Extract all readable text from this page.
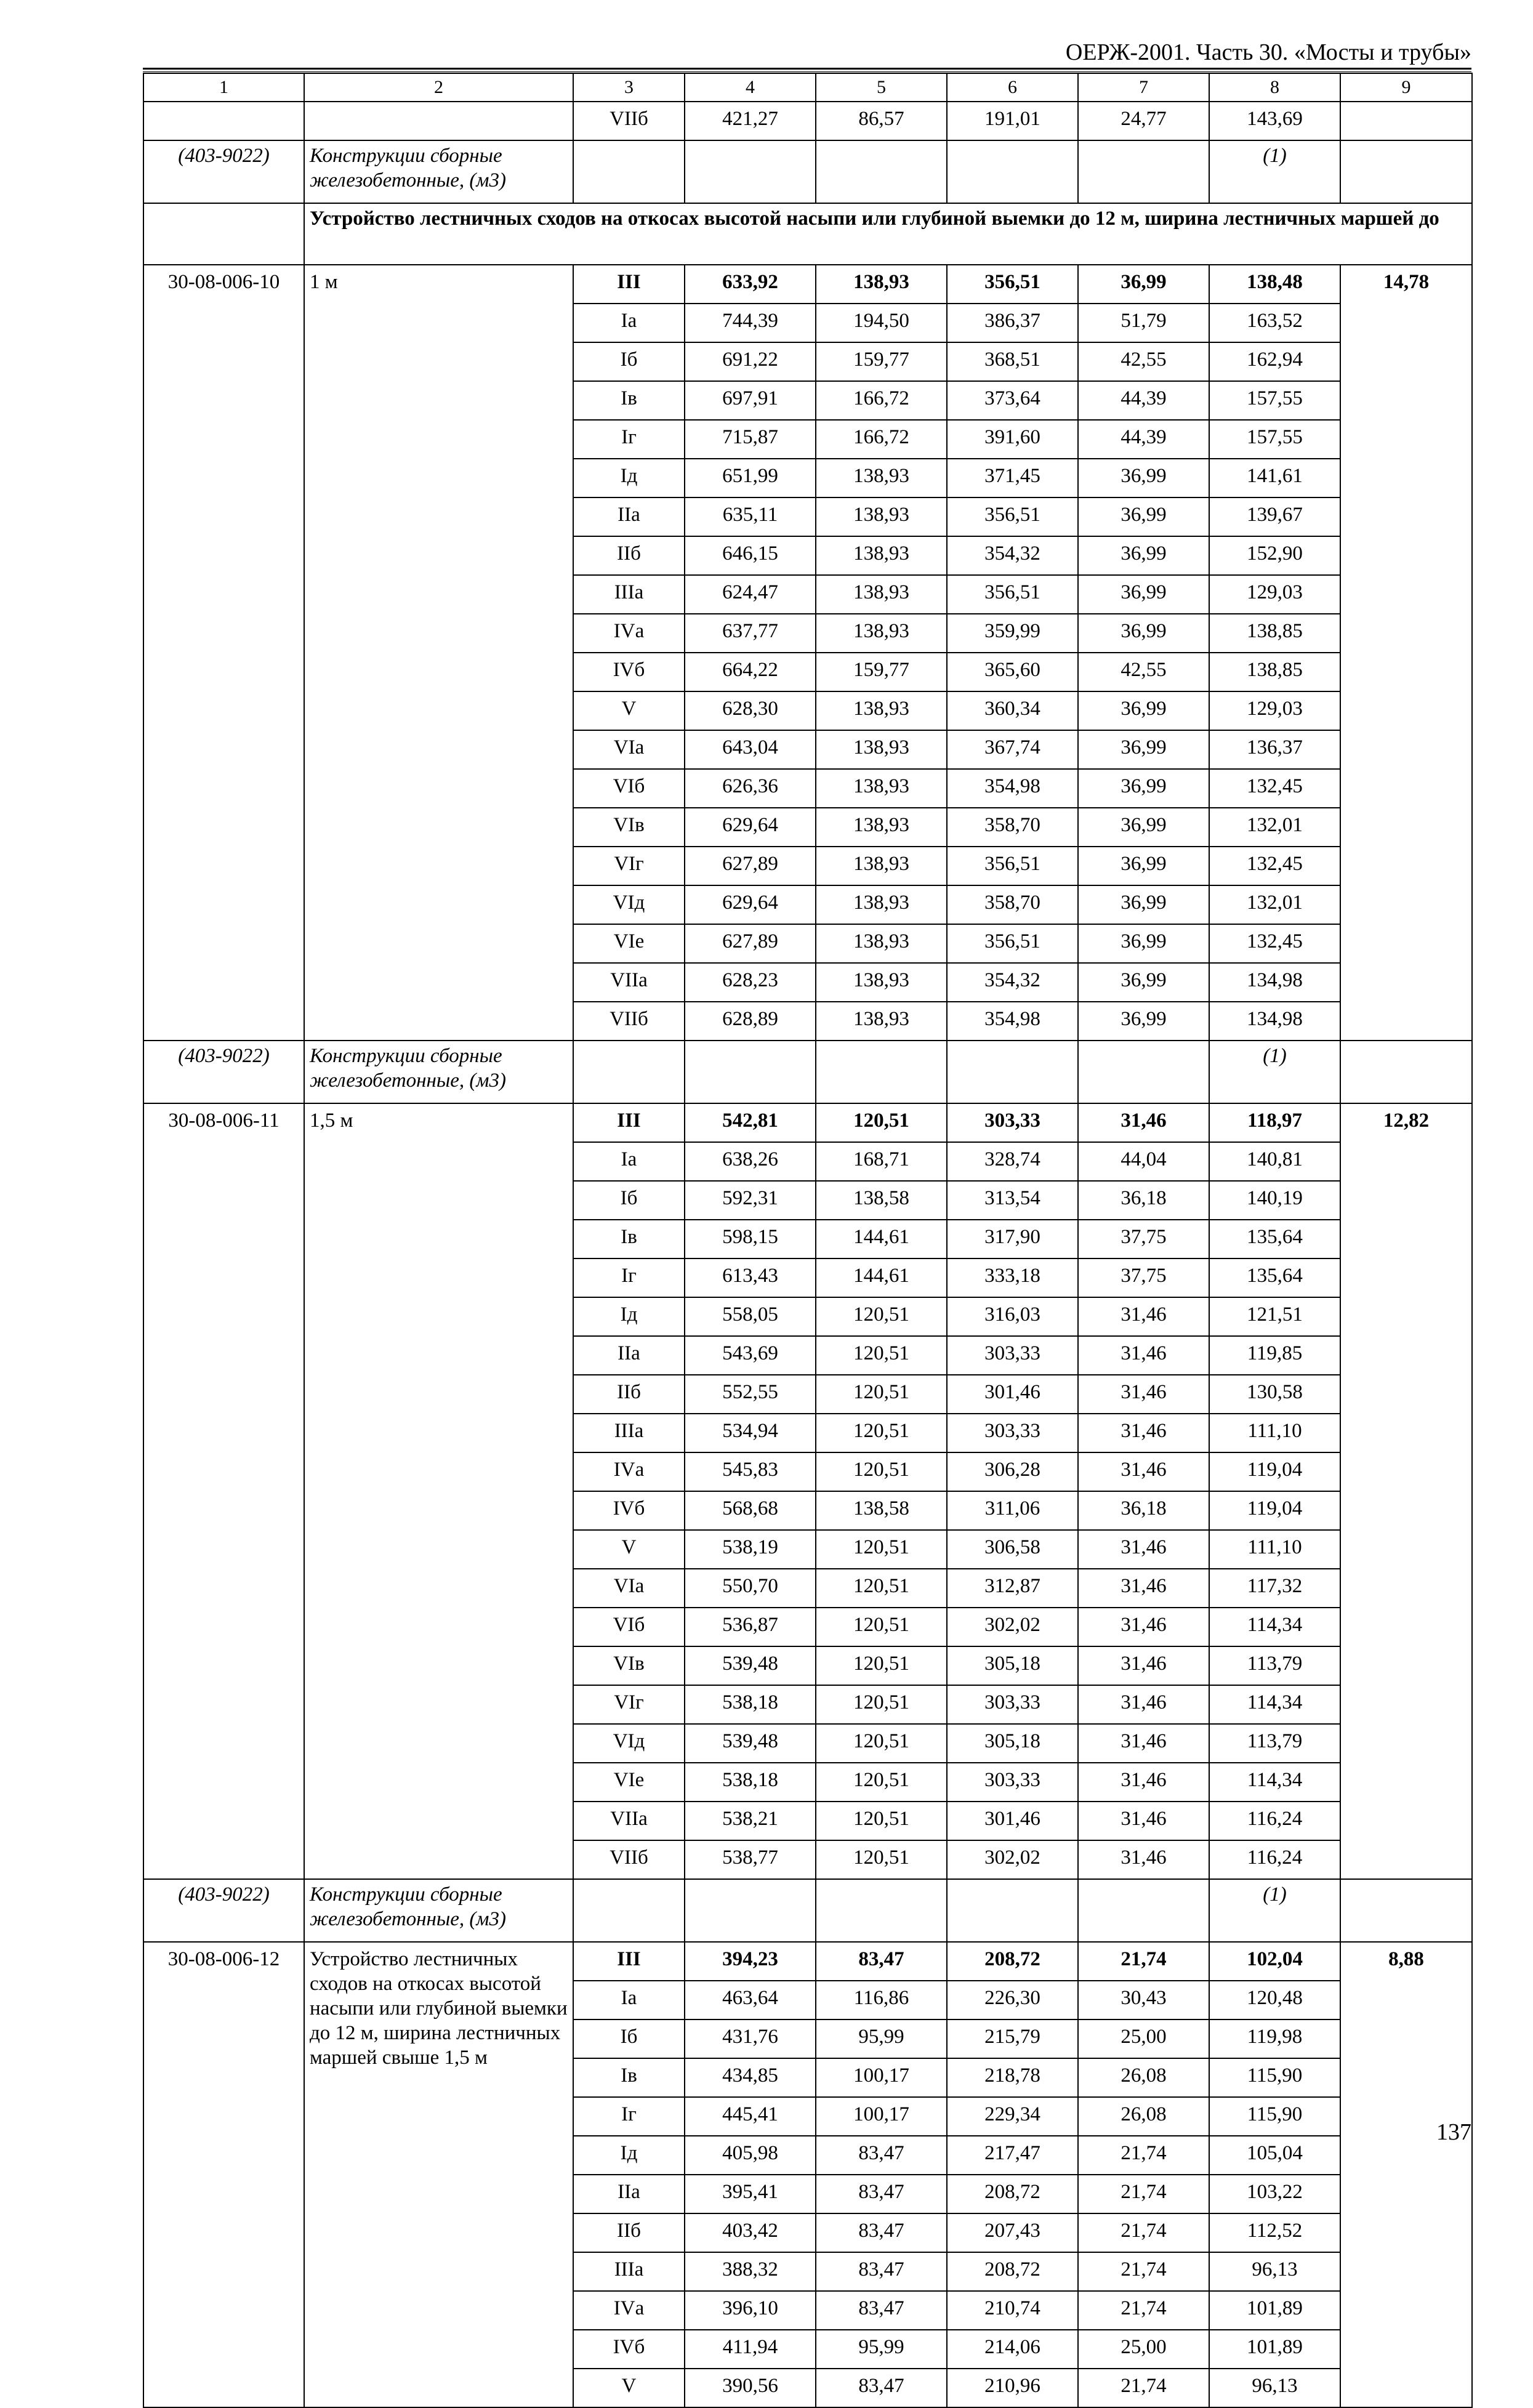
ОЕРЖ-2001. Часть 30. «Мосты и трубы»
1	2	3	4	5	6	7	8	9
		VIIб	421,27	86,57	191,01	24,77	143,69	
(403-9022)	Конструкции сборные железобетонные, (м3)						(1)	
	Устройство лестничных сходов на откосах высотой насыпи или глубиной выемки до 12 м, ширина лестничных маршей до							
30-08-006-10	1 м	III	633,92	138,93	356,51	36,99	138,48	14,78
		Iа	744,39	194,50	386,37	51,79	163,52	
		Iб	691,22	159,77	368,51	42,55	162,94	
		Iв	697,91	166,72	373,64	44,39	157,55	
		Iг	715,87	166,72	391,60	44,39	157,55	
		Iд	651,99	138,93	371,45	36,99	141,61	
		IIа	635,11	138,93	356,51	36,99	139,67	
		IIб	646,15	138,93	354,32	36,99	152,90	
		IIIа	624,47	138,93	356,51	36,99	129,03	
		IVа	637,77	138,93	359,99	36,99	138,85	
		IVб	664,22	159,77	365,60	42,55	138,85	
		V	628,30	138,93	360,34	36,99	129,03	
		VIа	643,04	138,93	367,74	36,99	136,37	
		VIб	626,36	138,93	354,98	36,99	132,45	
		VIв	629,64	138,93	358,70	36,99	132,01	
		VIг	627,89	138,93	356,51	36,99	132,45	
		VIд	629,64	138,93	358,70	36,99	132,01	
		VIе	627,89	138,93	356,51	36,99	132,45	
		VIIа	628,23	138,93	354,32	36,99	134,98	
		VIIб	628,89	138,93	354,98	36,99	134,98	
(403-9022)	Конструкции сборные железобетонные, (м3)						(1)	
30-08-006-11	1,5 м	III	542,81	120,51	303,33	31,46	118,97	12,82
		Iа	638,26	168,71	328,74	44,04	140,81	
		Iб	592,31	138,58	313,54	36,18	140,19	
		Iв	598,15	144,61	317,90	37,75	135,64	
		Iг	613,43	144,61	333,18	37,75	135,64	
		Iд	558,05	120,51	316,03	31,46	121,51	
		IIа	543,69	120,51	303,33	31,46	119,85	
		IIб	552,55	120,51	301,46	31,46	130,58	
		IIIа	534,94	120,51	303,33	31,46	111,10	
		IVа	545,83	120,51	306,28	31,46	119,04	
		IVб	568,68	138,58	311,06	36,18	119,04	
		V	538,19	120,51	306,58	31,46	111,10	
		VIа	550,70	120,51	312,87	31,46	117,32	
		VIб	536,87	120,51	302,02	31,46	114,34	
		VIв	539,48	120,51	305,18	31,46	113,79	
		VIг	538,18	120,51	303,33	31,46	114,34	
		VIд	539,48	120,51	305,18	31,46	113,79	
		VIе	538,18	120,51	303,33	31,46	114,34	
		VIIа	538,21	120,51	301,46	31,46	116,24	
		VIIб	538,77	120,51	302,02	31,46	116,24	
(403-9022)	Конструкции сборные железобетонные, (м3)						(1)	
30-08-006-12	Устройство лестничных сходов на откосах высотой насыпи или глубиной выемки до 12 м, ширина лестничных маршей свыше 1,5 м	III	394,23	83,47	208,72	21,74	102,04	8,88
		Iа	463,64	116,86	226,30	30,43	120,48	
		Iб	431,76	95,99	215,79	25,00	119,98	
		Iв	434,85	100,17	218,78	26,08	115,90	
		Iг	445,41	100,17	229,34	26,08	115,90	
		Iд	405,98	83,47	217,47	21,74	105,04	
		IIа	395,41	83,47	208,72	21,74	103,22	
		IIб	403,42	83,47	207,43	21,74	112,52	
		IIIа	388,32	83,47	208,72	21,74	96,13	
		IVа	396,10	83,47	210,74	21,74	101,89	
		IVб	411,94	95,99	214,06	25,00	101,89	
		V	390,56	83,47	210,96	21,74	96,13	
137
